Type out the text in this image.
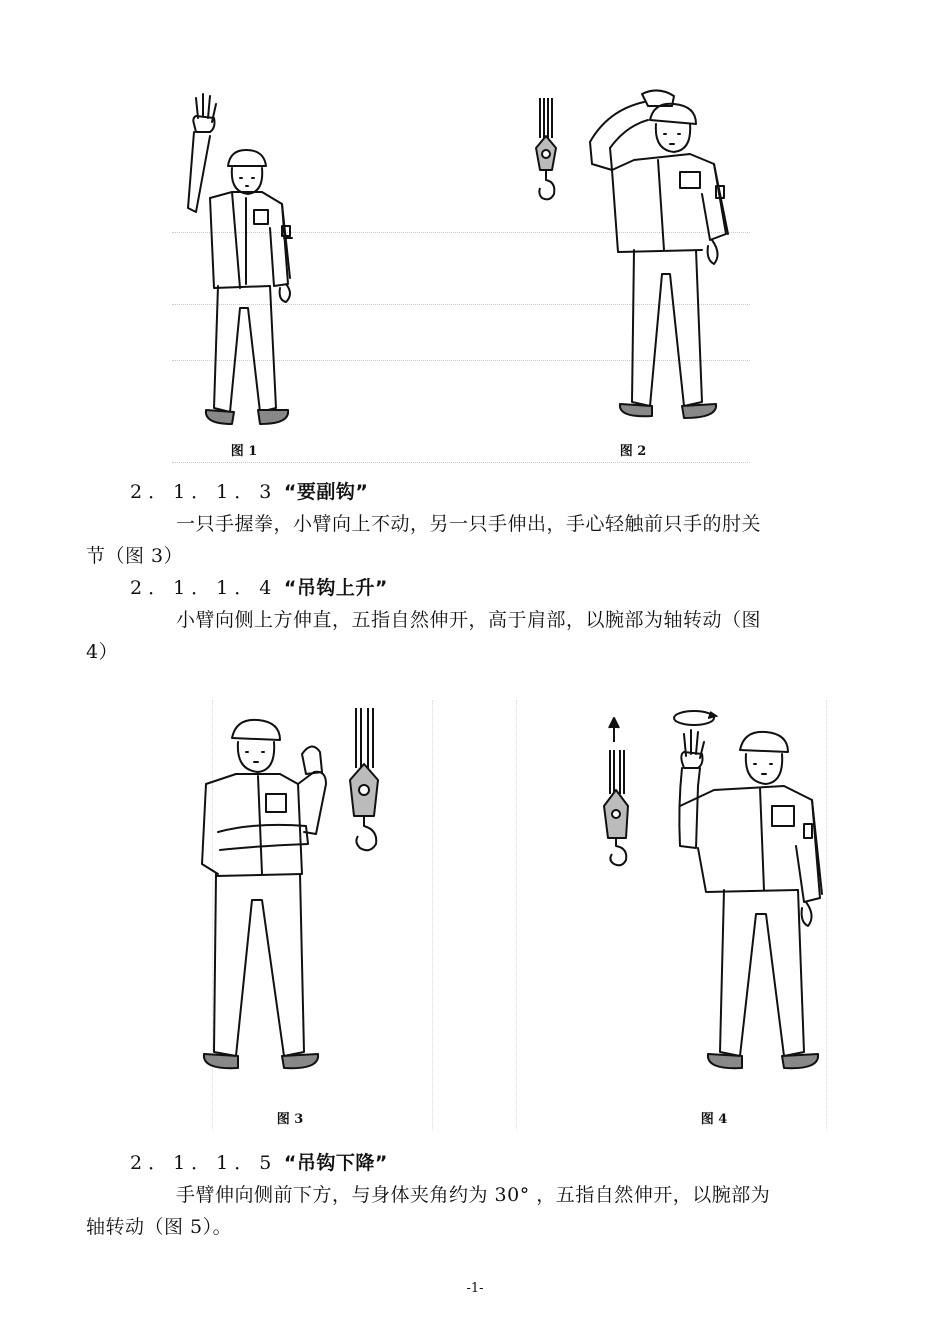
图 1	图 2
2．1．1．3 “要副钩”
一只手握拳，小臂向上不动，另一只手伸出，手心轻触前只手的肘关
节（图 3）
2．1．1．4 “吊钩上升”
小臂向侧上方伸直，五指自然伸开，高于肩部，以腕部为轴转动（图
4）
图 3	图 4
2．1．1．5 “吊钩下降”
手臂伸向侧前下方，与身体夹角约为 30° ，五指自然伸开，以腕部为
轴转动（图 5）。
-1-
